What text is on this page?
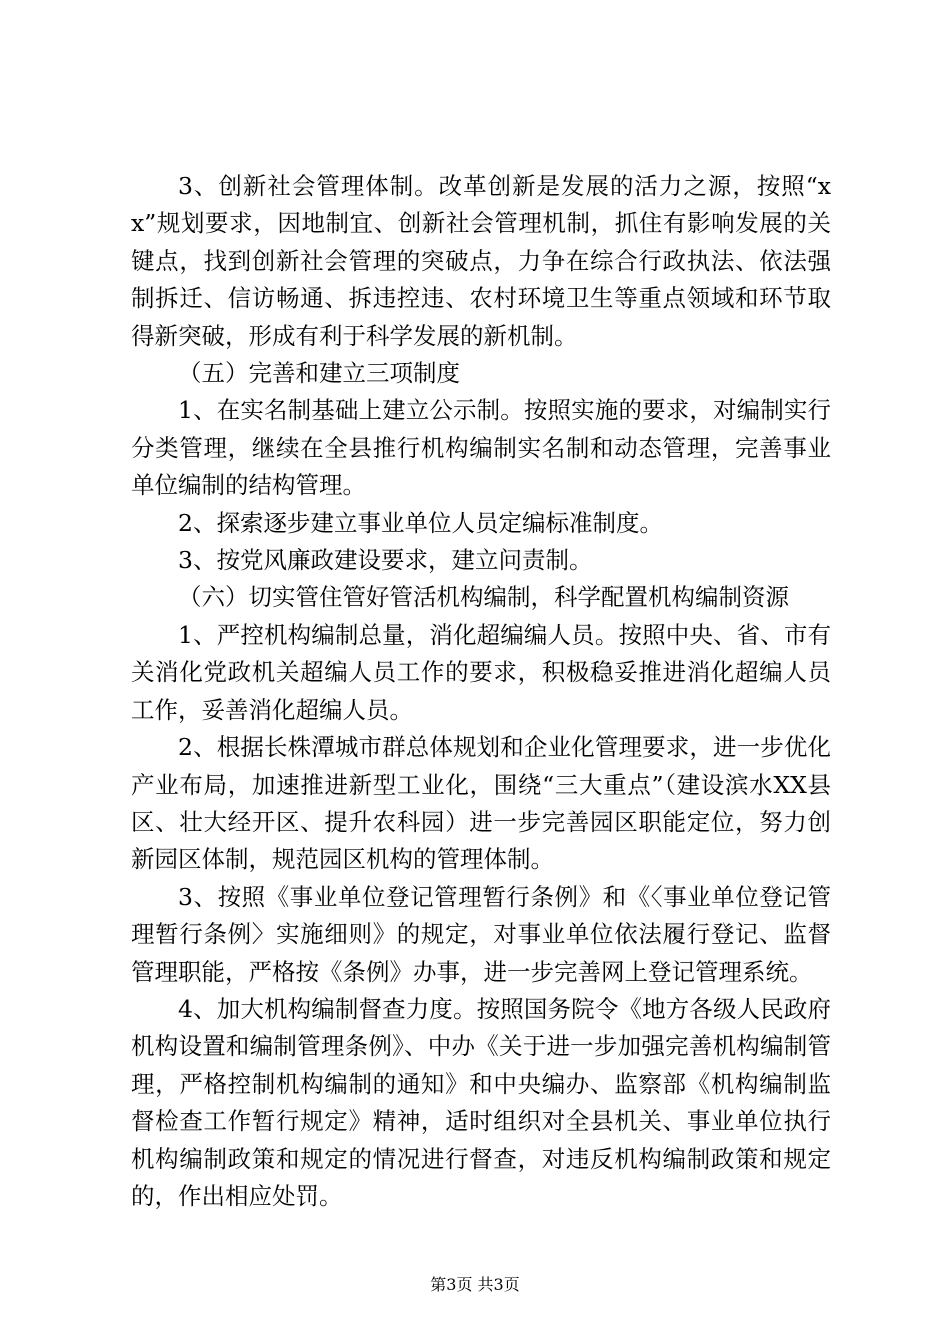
3、创新社会管理体制。改革创新是发展的活力之源，按照“xx”规划要求，因地制宜、创新社会管理机制，抓住有影响发展的关键点，找到创新社会管理的突破点，力争在综合行政执法、依法强制拆迁、信访畅通、拆违控违、农村环境卫生等重点领域和环节取得新突破，形成有利于科学发展的新机制。

（五）完善和建立三项制度

1、在实名制基础上建立公示制。按照实施的要求，对编制实行分类管理，继续在全县推行机构编制实名制和动态管理，完善事业单位编制的结构管理。

2、探索逐步建立事业单位人员定编标准制度。

3、按党风廉政建设要求，建立问责制。

（六）切实管住管好管活机构编制，科学配置机构编制资源

1、严控机构编制总量，消化超编编人员。按照中央、省、市有关消化党政机关超编人员工作的要求，积极稳妥推进消化超编人员工作，妥善消化超编人员。

2、根据长株潭城市群总体规划和企业化管理要求，进一步优化产业布局，加速推进新型工业化，围绕“三大重点”（建设滨水XX县区、壮大经开区、提升农科园）进一步完善园区职能定位，努力创新园区体制，规范园区机构的管理体制。

3、按照《事业单位登记管理暂行条例》和《〈事业单位登记管理暂行条例〉实施细则》的规定，对事业单位依法履行登记、监督管理职能，严格按《条例》办事，进一步完善网上登记管理系统。

4、加大机构编制督查力度。按照国务院令《地方各级人民政府机构设置和编制管理条例》、中办《关于进一步加强完善机构编制管理，严格控制机构编制的通知》和中央编办、监察部《机构编制监督检查工作暂行规定》精神，适时组织对全县机关、事业单位执行机构编制政策和规定的情况进行督查，对违反机构编制政策和规定的，作出相应处罚。

第3页 共3页
